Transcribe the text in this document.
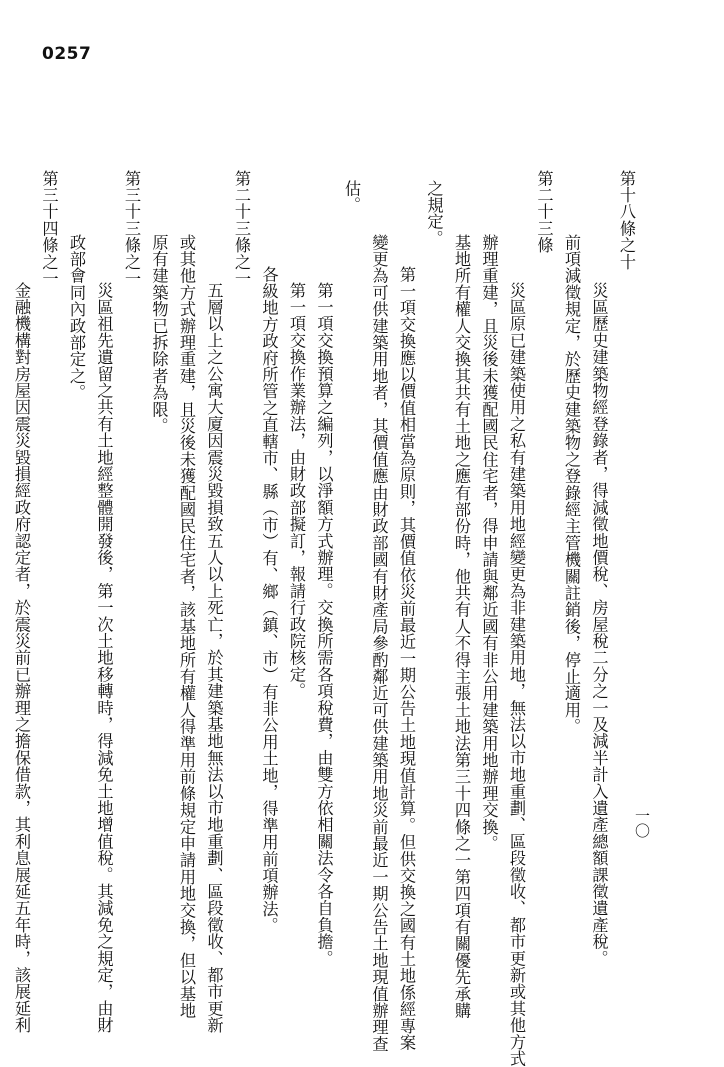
0257
一〇
第十八條之十
災區歷史建築物經登錄者，得減徵地價稅、房屋稅二分之一及減半計入遺產總額課徵遺產稅。
前項減徵規定，於歷史建築物之登錄經主管機關註銷後，停止適用。
第二十三條
災區原已建築使用之私有建築用地經變更為非建築用地，無法以市地重劃、區段徵收、都市更新或其他方式
辦理重建，且災後未獲配國民住宅者，得申請與鄰近國有非公用建築用地辦理交換。
基地所有權人交換其共有土地之應有部份時，他共有人不得主張土地法第三十四條之一第四項有關優先承購
之規定。
第一項交換應以價值相當為原則，其價值依災前最近一期公告土地現值計算。但供交換之國有土地係經專案
變更為可供建築用地者，其價值應由財政部國有財產局參酌鄰近可供建築用地災前最近一期公告土地現值辦理查
估。
第一項交換預算之編列，以淨額方式辦理。交換所需各項稅費，由雙方依相關法令各自負擔。
第一項交換作業辦法，由財政部擬訂，報請行政院核定。
各級地方政府所管之直轄市、縣（市）有、鄉（鎮、市）有非公用土地，得準用前項辦法。
第二十三條之一
五層以上之公寓大廈因震災毀損致五人以上死亡，於其建築基地無法以市地重劃、區段徵收、都市更新
或其他方式辦理重建，且災後未獲配國民住宅者，該基地所有權人得準用前條規定申請用地交換，但以基地
原有建築物已拆除者為限。
第三十三條之一
災區祖先遺留之共有土地經整體開發後，第一次土地移轉時，得減免土地增值稅。其減免之規定，由財
政部會同內政部定之。
第三十四條之一
金融機構對房屋因震災毀損經政府認定者，於震災前已辦理之擔保借款，其利息展延五年時，該展延利
